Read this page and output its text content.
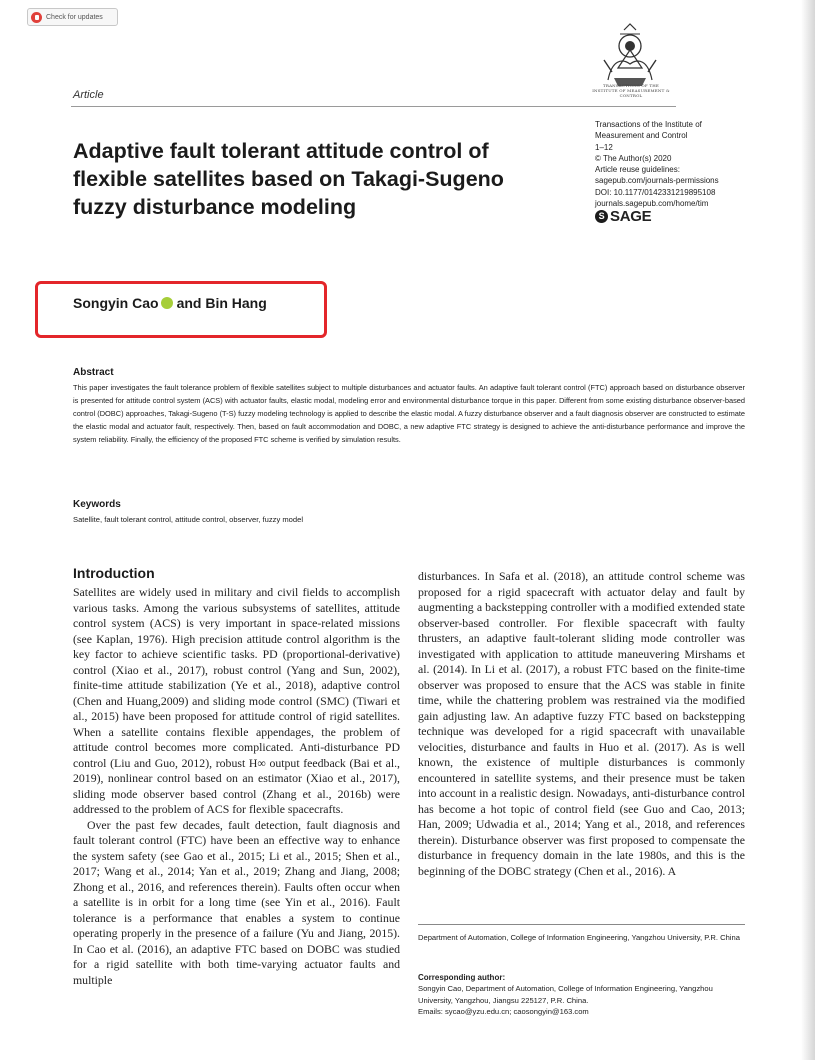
Check for updates
Article
TRANSACTIONS OF THE INSTITUTE OF MEASUREMENT & CONTROL
Adaptive fault tolerant attitude control of flexible satellites based on Takagi-Sugeno fuzzy disturbance modeling
Transactions of the Institute of
Measurement and Control
1–12
© The Author(s) 2020
Article reuse guidelines:
sagepub.com/journals-permissions
DOI: 10.1177/0142331219895108
journals.sagepub.com/home/tim
S SAGE
Songyin Cao and Bin Hang
Abstract
This paper investigates the fault tolerance problem of flexible satellites subject to multiple disturbances and actuator faults. An adaptive fault tolerant control (FTC) approach based on disturbance observer is presented for attitude control system (ACS) with actuator faults, elastic modal, modeling error and environmental disturbance torque in this paper. Different from some existing disturbance observer-based control (DOBC) approaches, Takagi-Sugeno (T-S) fuzzy modeling technology is applied to describe the elastic modal. A fuzzy disturbance observer and a fault diagnosis observer are constructed to estimate the elastic modal and actuator fault, respectively. Then, based on fault accommodation and DOBC, a new adaptive FTC strategy is designed to achieve the anti-disturbance performance and improve the system reliability. Finally, the efficiency of the proposed FTC scheme is verified by simulation results.
Keywords
Satellite, fault tolerant control, attitude control, observer, fuzzy model
Introduction

Satellites are widely used in military and civil fields to accomplish various tasks. Among the various subsystems of satellites, attitude control system (ACS) is very important in space-related missions (see Kaplan, 1976). High precision attitude control algorithm is the key factor to achieve scientific tasks. PD (proportional-derivative) control (Xiao et al., 2017), robust control (Yang and Sun, 2002), finite-time attitude stabilization (Ye et al., 2018), adaptive control (Chen and Huang,2009) and sliding mode control (SMC) (Tiwari et al., 2015) have been proposed for attitude control of rigid satellites. When a satellite contains flexible appendages, the problem of attitude control becomes more complicated. Anti-disturbance PD control (Liu and Guo, 2012), robust H∞ output feedback (Bai et al., 2019), nonlinear control based on an estimator (Xiao et al., 2017), sliding mode observer based control (Zhang et al., 2016b) were addressed to the problem of ACS for flexible spacecrafts.

Over the past few decades, fault detection, fault diagnosis and fault tolerant control (FTC) have been an effective way to enhance the system safety (see Gao et al., 2015; Li et al., 2015; Shen et al., 2017; Wang et al., 2014; Yan et al., 2019; Zhang and Jiang, 2008; Zhong et al., 2016, and references therein). Faults often occur when a satellite is in orbit for a long time (see Yin et al., 2016). Fault tolerance is a performance that enables a system to continue operating properly in the presence of a failure (Yu and Jiang, 2015). In Cao et al. (2016), an adaptive FTC based on DOBC was studied for a rigid satellite with both time-varying actuator faults and multiple

disturbances. In Safa et al. (2018), an attitude control scheme was proposed for a rigid spacecraft with actuator delay and fault by augmenting a backstepping controller with a modified extended state observer-based controller. For flexible spacecraft with faulty thrusters, an adaptive fault-tolerant sliding mode controller was investigated with application to attitude maneuvering Mirshams et al. (2014). In Li et al. (2017), a robust FTC based on the finite-time observer was proposed to ensure that the ACS was stable in finite time, while the chattering problem was restrained via the modified gain adjusting law. An adaptive fuzzy FTC based on backstepping technique was developed for a rigid spacecraft with unavailable velocities, disturbance and faults in Huo et al. (2017). As is well known, the existence of multiple disturbances is commonly encountered in satellite systems, and their presence must be taken into account in a realistic design. Nowadays, anti-disturbance control has become a hot topic of control field (see Guo and Cao, 2013; Han, 2009; Udwadia et al., 2014; Yang et al., 2018, and references therein). Disturbance observer was first proposed to compensate the disturbance in frequency domain in the late 1980s, and this is the beginning of the DOBC strategy (Chen et al., 2016). A

Department of Automation, College of Information Engineering, Yangzhou University, P.R. China
Corresponding author:
Songyin Cao, Department of Automation, College of Information Engineering, Yangzhou University, Yangzhou, Jiangsu 225127, P.R. China.
Emails: sycao@yzu.edu.cn; caosongyin@163.com
